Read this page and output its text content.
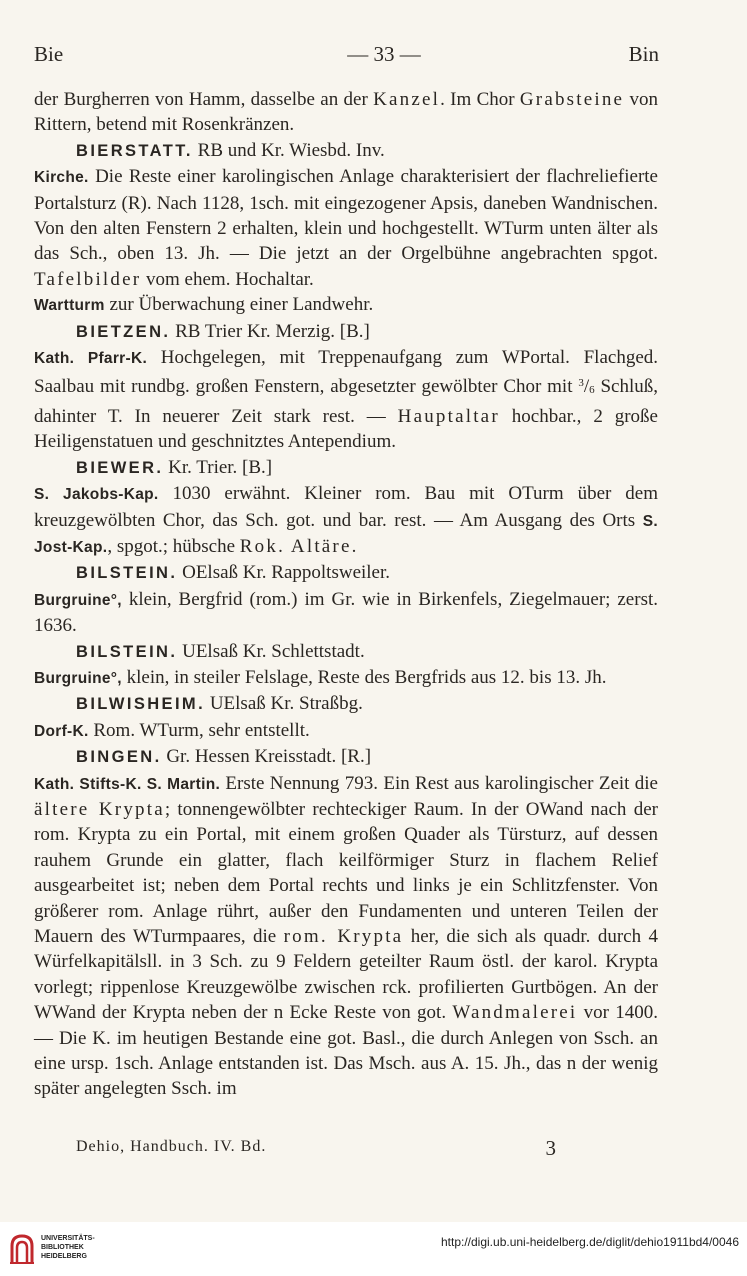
Bie	— 33 —	Bin

der Burgherren von Hamm, dasselbe an der Kanzel. Im Chor Grabsteine von Rittern, betend mit Rosenkränzen.

BIERSTATT. RB und Kr. Wiesbd. Inv.

Kirche. Die Reste einer karolingischen Anlage charakterisiert der flachreliefierte Portalsturz (R). Nach 1128, 1sch. mit eingezogener Apsis, daneben Wandnischen. Von den alten Fenstern 2 erhalten, klein und hochgestellt. WTurm unten älter als das Sch., oben 13. Jh. — Die jetzt an der Orgelbühne angebrachten spgot. Tafelbilder vom ehem. Hochaltar.

Wartturm zur Überwachung einer Landwehr.

BIETZEN. RB Trier Kr. Merzig. [B.]

Kath. Pfarr-K. Hochgelegen, mit Treppenaufgang zum WPortal. Flachged. Saalbau mit rundbg. großen Fenstern, abgesetzter gewölbter Chor mit $^3/_6$ Schluß, dahinter T. In neuerer Zeit stark rest. — Hauptaltar hochbar., 2 große Heiligenstatuen und geschnitztes Antependium.

BIEWER. Kr. Trier. [B.]

S. Jakobs-Kap. 1030 erwähnt. Kleiner rom. Bau mit OTurm über dem kreuzgewölbten Chor, das Sch. got. und bar. rest. — Am Ausgang des Orts S. Jost-Kap., spgot.; hübsche Rok. Altäre.

BILSTEIN. OElsaß Kr. Rappoltsweiler.

Burgruine°, klein, Bergfrid (rom.) im Gr. wie in Birkenfels, Ziegelmauer; zerst. 1636.

BILSTEIN. UElsaß Kr. Schlettstadt.

Burgruine°, klein, in steiler Felslage, Reste des Bergfrids aus 12. bis 13. Jh.

BILWISHEIM. UElsaß Kr. Straßbg.

Dorf-K. Rom. WTurm, sehr entstellt.

BINGEN. Gr. Hessen Kreisstadt. [R.]

Kath. Stifts-K. S. Martin. Erste Nennung 793. Ein Rest aus karolingischer Zeit die ältere Krypta; tonnengewölbter rechteckiger Raum. In der OWand nach der rom. Krypta zu ein Portal, mit einem großen Quader als Türsturz, auf dessen rauhem Grunde ein glatter, flach keilförmiger Sturz in flachem Relief ausgearbeitet ist; neben dem Portal rechts und links je ein Schlitzfenster. Von größerer rom. Anlage rührt, außer den Fundamenten und unteren Teilen der Mauern des WTurmpaares, die rom. Krypta her, die sich als quadr. durch 4 Würfelkapitälsll. in 3 Sch. zu 9 Feldern geteilter Raum östl. der karol. Krypta vorlegt; rippenlose Kreuzgewölbe zwischen rck. profilierten Gurtbögen. An der WWand der Krypta neben der n Ecke Reste von got. Wandmalerei vor 1400. — Die K. im heutigen Bestande eine got. Basl., die durch Anlegen von Ssch. an eine ursp. 1sch. Anlage entstanden ist. Das Msch. aus A. 15. Jh., das n der wenig später angelegten Ssch. im

Dehio, Handbuch. IV. Bd.	3
UNIVERSITÄTS-
BIBLIOTHEK
HEIDELBERG
http://digi.ub.uni-heidelberg.de/diglit/dehio1911bd4/0046
